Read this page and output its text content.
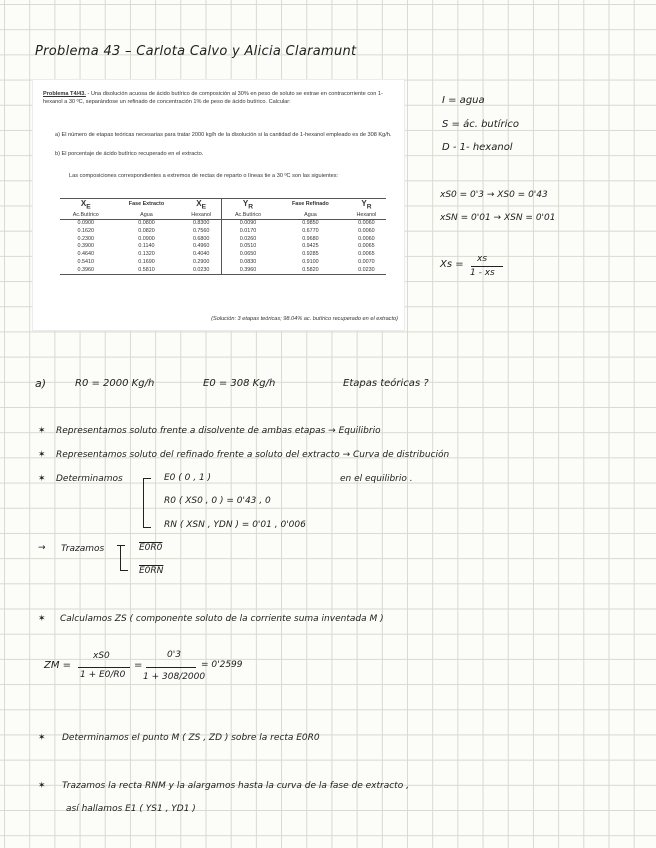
Problema 43 – Carlota Calvo y Alicia Claramunt
Problema T4/43. - Una disolución acuosa de ácido butírico de composición al 30% en peso de soluto se extrae en contracorriente con 1-hexanol a 30 ºC, separándose un refinado de concentración 1% de peso de ácido butírico. Calcular:
a) El número de etapas teóricas necesarias para tratar 2000 kg/h de la disolución si la cantidad de 1-hexanol empleado es de 308 Kg/h.
b) El porcentaje de ácido butírico recuperado en el extracto.
Las composiciones correspondientes a extremos de rectas de reparto o líneas tie a 30 ºC son las siguientes:
$X_E$	Fase Extracto	$X_E$	$Y_R$	Fase Refinado	$Y_R$
Ac.Butírico	Agua	Hexanol	Ac.Butírico	Agua	Hexanol
0.0900	0.0800	0.8300	0.0090	0.9850	0.0060
0.1620	0.0820	0.7560	0.0170	0.6770	0.0060
0.2300	0.0900	0.6800	0.0260	0.9680	0.0060
0.3900	0.1140	0.4960	0.0510	0.9425	0.0065
0.4640	0.1320	0.4040	0.0650	0.9285	0.0065
0.5410	0.1690	0.2900	0.0830	0.9100	0.0070
0.3960	0.5810	0.0230	0.3960	0.5820	0.0230
(Solución: 3 etapas teóricas; 98.04% ac. butírico recuperado en el extracto)
I = agua
S = ác. butírico
D - 1- hexanol
xS0 = 0'3 → XS0 = 0'43
xSN = 0'01 → XSN = 0'01
Xs = xs
1 - xs
a)	R0 = 2000 Kg/h	E0 = 308 Kg/h	Etapas teóricas ?
✶ Representamos soluto frente a disolvente de ambas etapas → Equilibrio
✶ Representamos soluto del refinado frente a soluto del extracto → Curva de distribución
✶ Determinamos	en el equilibrio .
E0 ( 0 , 1 )
R0 ( XS0 , 0 ) = 0'43 , 0
RN ( XSN , YDN ) = 0'01 , 0'006
→ Trazamos	E0R0
E0RN
✶ Calculamos ZS ( componente soluto de la corriente suma inventada M )
ZM =
xS0
1 + E0/R0
=
0'3
1 + 308/2000
= 0'2599
✶ Determinamos el punto M ( ZS , ZD ) sobre la recta E0R0
✶ Trazamos la recta RNM y la alargamos hasta la curva de la fase de extracto ,
así hallamos E1 ( YS1 , YD1 )
